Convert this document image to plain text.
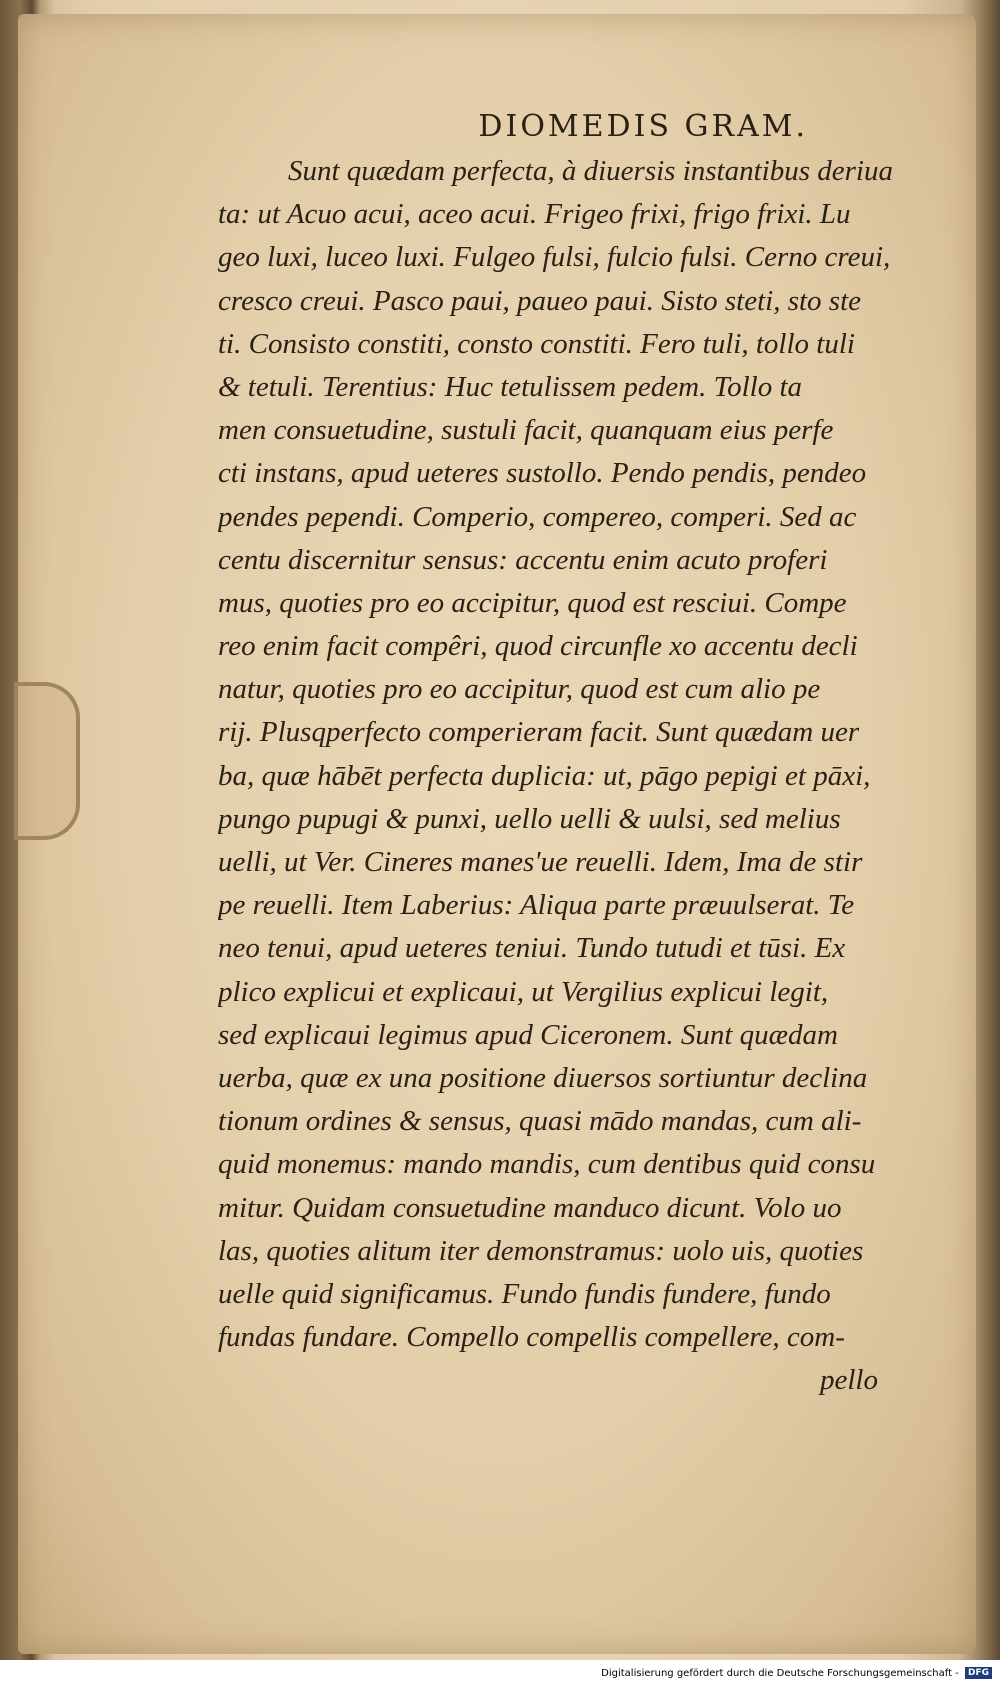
DIOMEDIS GRAM.
Sunt quædam perfecta, à diuersis instantibus deriua
ta: ut Acuo acui, aceo acui. Frigeo frixi, frigo frixi. Lu
geo luxi, luceo luxi. Fulgeo fulsi, fulcio fulsi. Cerno creui,
cresco creui. Pasco paui, paueo paui. Sisto steti, sto ste
ti. Consisto constiti, consto constiti. Fero tuli, tollo tuli
& tetuli. Terentius: Huc tetulissem pedem. Tollo ta
men consuetudine, sustuli facit, quanquam eius perfe
cti instans, apud ueteres sustollo. Pendo pendis, pendeo
pendes pependi. Comperio, compereo, comperi. Sed ac
centu discernitur sensus: accentu enim acuto proferi
mus, quoties pro eo accipitur, quod est resciui. Compe
reo enim facit compêri, quod circunfle xo accentu decli
natur, quoties pro eo accipitur, quod est cum alio pe
rij. Plusqperfecto comperieram facit. Sunt quædam uer
ba, quæ hābēt perfecta duplicia: ut, pāgo pepigi et pāxi,
pungo pupugi & punxi, uello uelli & uulsi, sed melius
uelli, ut Ver. Cineres manes'ue reuelli. Idem, Ima de stir
pe reuelli. Item Laberius: Aliqua parte præuulserat. Te
neo tenui, apud ueteres teniui. Tundo tutudi et tūsi. Ex
plico explicui et explicaui, ut Vergilius explicui legit,
sed explicaui legimus apud Ciceronem. Sunt quædam
uerba, quæ ex una positione diuersos sortiuntur declina
tionum ordines & sensus, quasi mādo mandas, cum ali-
quid monemus: mando mandis, cum dentibus quid consu
mitur. Quidam consuetudine manduco dicunt. Volo uo
las, quoties alitum iter demonstramus: uolo uis, quoties
uelle quid significamus. Fundo fundis fundere, fundo
fundas fundare. Compello compellis compellere, com-
pello
Digitalisierung gefördert durch die Deutsche Forschungsgemeinschaft - DFG
